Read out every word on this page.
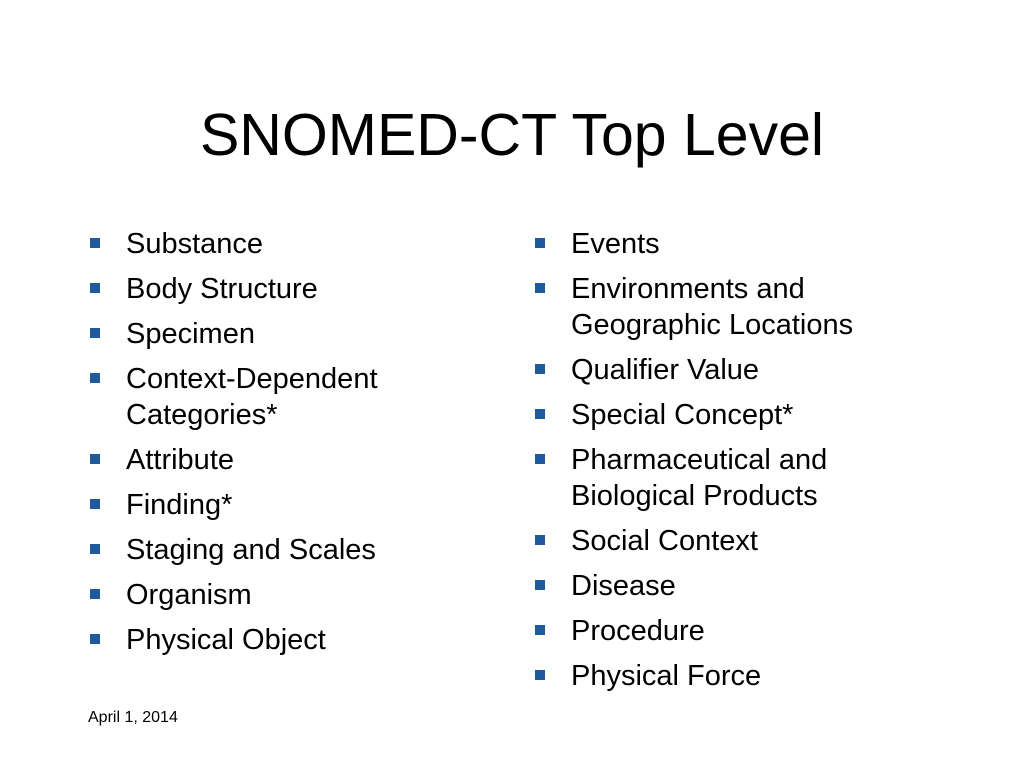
SNOMED-CT Top Level
Substance
Body Structure
Specimen
Context-Dependent Categories*
Attribute
Finding*
Staging and Scales
Organism
Physical Object
Events
Environments and Geographic Locations
Qualifier Value
Special Concept*
Pharmaceutical and Biological Products
Social Context
Disease
Procedure
Physical Force
April 1, 2014
